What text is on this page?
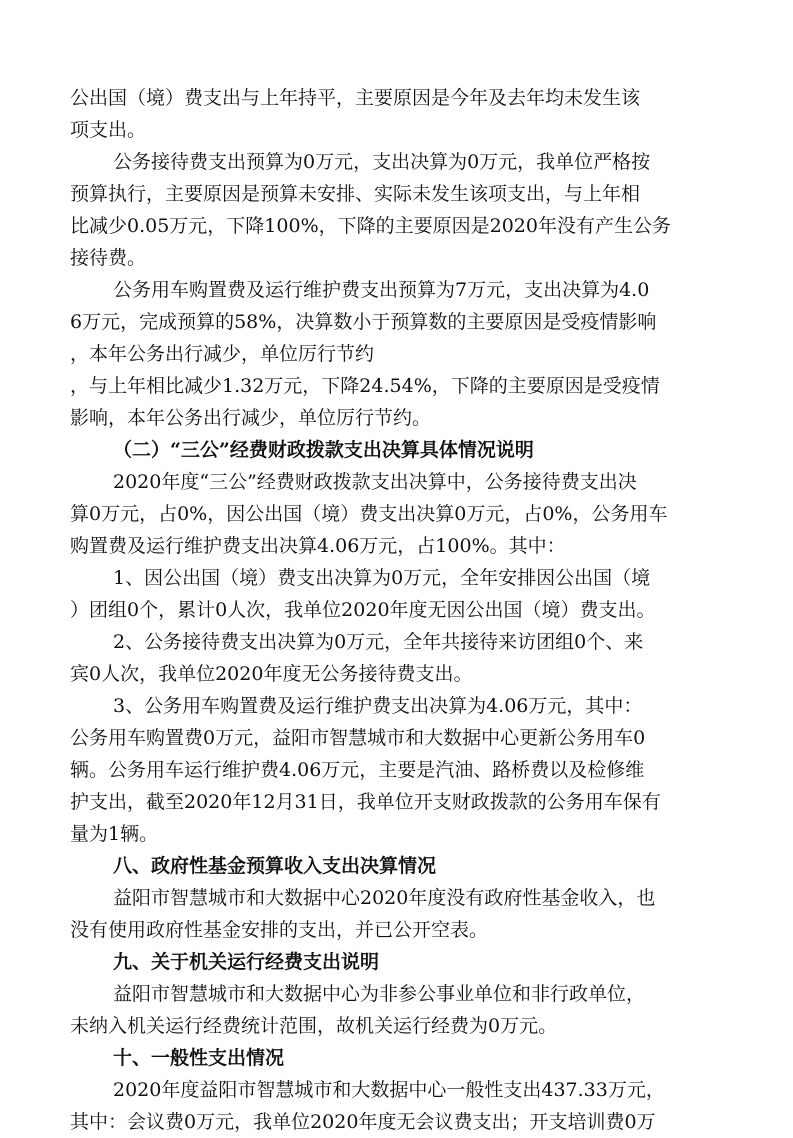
公出国（境）费支出与上年持平，主要原因是今年及去年均未发生该
项支出。
公务接待费支出预算为0万元，支出决算为0万元，我单位严格按
预算执行，主要原因是预算未安排、实际未发生该项支出，与上年相
比减少0.05万元，下降100%，下降的主要原因是2020年没有产生公务
接待费。
公务用车购置费及运行维护费支出预算为7万元，支出决算为4.0
6万元，完成预算的58%，决算数小于预算数的主要原因是受疫情影响
，本年公务出行减少，单位厉行节约
，与上年相比减少1.32万元，下降24.54%，下降的主要原因是受疫情
影响，本年公务出行减少，单位厉行节约。
（二）“三公”经费财政拨款支出决算具体情况说明
2020年度“三公”经费财政拨款支出决算中，公务接待费支出决
算0万元，占0%，因公出国（境）费支出决算0万元，占0%，公务用车
购置费及运行维护费支出决算4.06万元，占100%。其中：
1、因公出国（境）费支出决算为0万元，全年安排因公出国（境
）团组0个，累计0人次，我单位2020年度无因公出国（境）费支出。
2、公务接待费支出决算为0万元，全年共接待来访团组0个、来
宾0人次，我单位2020年度无公务接待费支出。
3、公务用车购置费及运行维护费支出决算为4.06万元，其中：
公务用车购置费0万元，益阳市智慧城市和大数据中心更新公务用车0
辆。公务用车运行维护费4.06万元，主要是汽油、路桥费以及检修维
护支出，截至2020年12月31日，我单位开支财政拨款的公务用车保有
量为1辆。
八、政府性基金预算收入支出决算情况
益阳市智慧城市和大数据中心2020年度没有政府性基金收入，也
没有使用政府性基金安排的支出，并已公开空表。
九、关于机关运行经费支出说明
益阳市智慧城市和大数据中心为非参公事业单位和非行政单位，
未纳入机关运行经费统计范围，故机关运行经费为0万元。
十、一般性支出情况
2020年度益阳市智慧城市和大数据中心一般性支出437.33万元，
其中：会议费0万元，我单位2020年度无会议费支出；开支培训费0万
